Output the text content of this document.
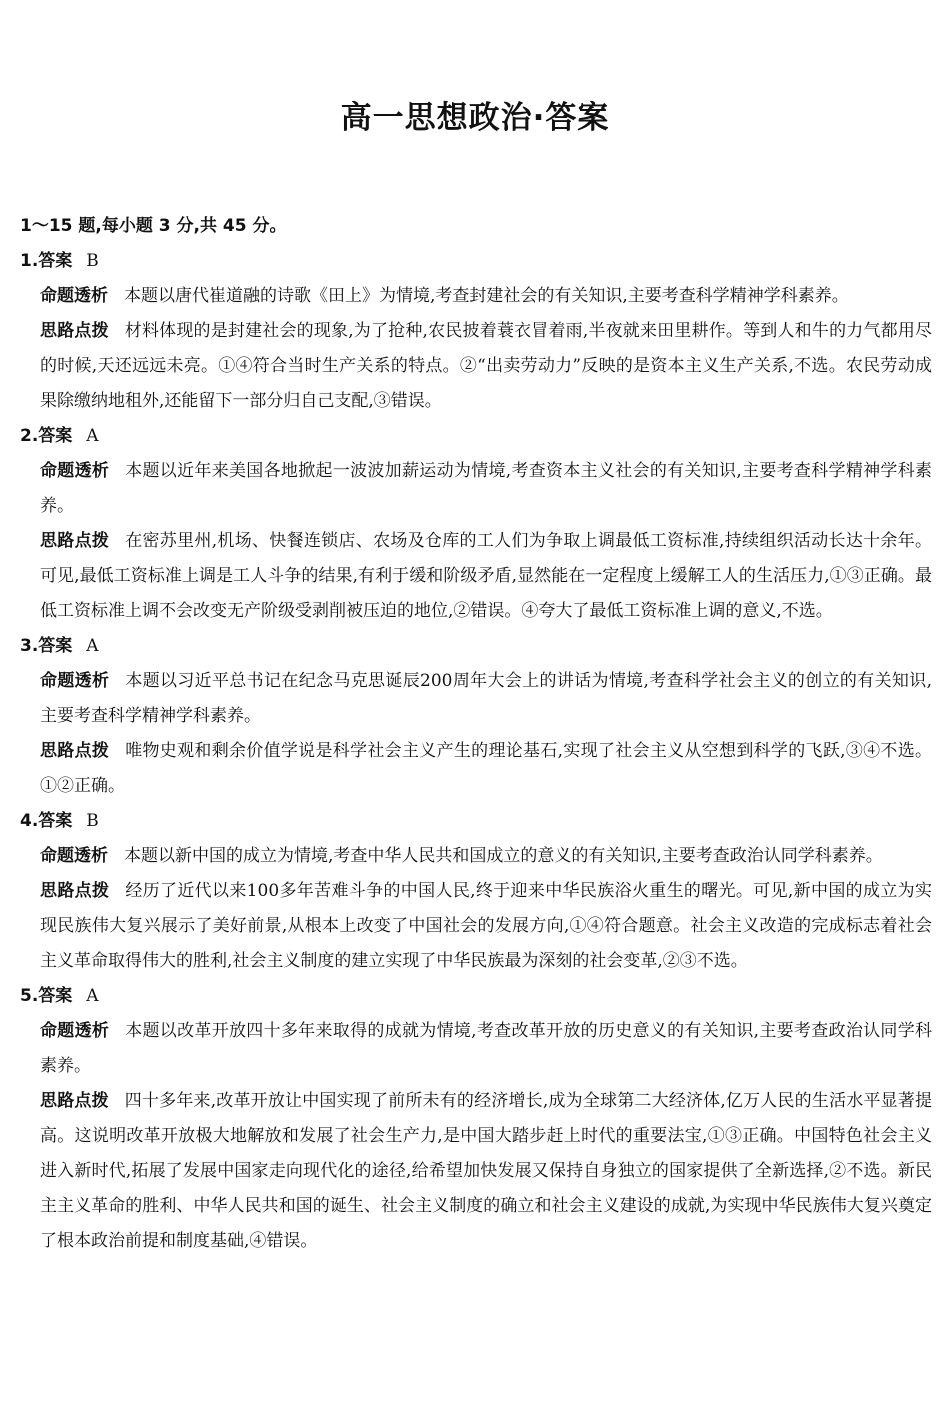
高一思想政治·答案
1～15 题,每小题 3 分,共 45 分。
1.答案 B
命题透析 本题以唐代崔道融的诗歌《田上》为情境,考查封建社会的有关知识,主要考查科学精神学科素养。
思路点拨 材料体现的是封建社会的现象,为了抢种,农民披着蓑衣冒着雨,半夜就来田里耕作。等到人和牛的力气都用尽的时候,天还远远未亮。①④符合当时生产关系的特点。②“出卖劳动力”反映的是资本主义生产关系,不选。农民劳动成果除缴纳地租外,还能留下一部分归自己支配,③错误。
2.答案 A
命题透析 本题以近年来美国各地掀起一波波加薪运动为情境,考查资本主义社会的有关知识,主要考查科学精神学科素养。
思路点拨 在密苏里州,机场、快餐连锁店、农场及仓库的工人们为争取上调最低工资标准,持续组织活动长达十余年。可见,最低工资标准上调是工人斗争的结果,有利于缓和阶级矛盾,显然能在一定程度上缓解工人的生活压力,①③正确。最低工资标准上调不会改变无产阶级受剥削被压迫的地位,②错误。④夸大了最低工资标准上调的意义,不选。
3.答案 A
命题透析 本题以习近平总书记在纪念马克思诞辰200周年大会上的讲话为情境,考查科学社会主义的创立的有关知识,主要考查科学精神学科素养。
思路点拨 唯物史观和剩余价值学说是科学社会主义产生的理论基石,实现了社会主义从空想到科学的飞跃,③④不选。①②正确。
4.答案 B
命题透析 本题以新中国的成立为情境,考查中华人民共和国成立的意义的有关知识,主要考查政治认同学科素养。
思路点拨 经历了近代以来100多年苦难斗争的中国人民,终于迎来中华民族浴火重生的曙光。可见,新中国的成立为实现民族伟大复兴展示了美好前景,从根本上改变了中国社会的发展方向,①④符合题意。社会主义改造的完成标志着社会主义革命取得伟大的胜利,社会主义制度的建立实现了中华民族最为深刻的社会变革,②③不选。
5.答案 A
命题透析 本题以改革开放四十多年来取得的成就为情境,考查改革开放的历史意义的有关知识,主要考查政治认同学科素养。
思路点拨 四十多年来,改革开放让中国实现了前所未有的经济增长,成为全球第二大经济体,亿万人民的生活水平显著提高。这说明改革开放极大地解放和发展了社会生产力,是中国大踏步赶上时代的重要法宝,①③正确。中国特色社会主义进入新时代,拓展了发展中国家走向现代化的途径,给希望加快发展又保持自身独立的国家提供了全新选择,②不选。新民主主义革命的胜利、中华人民共和国的诞生、社会主义制度的确立和社会主义建设的成就,为实现中华民族伟大复兴奠定了根本政治前提和制度基础,④错误。
